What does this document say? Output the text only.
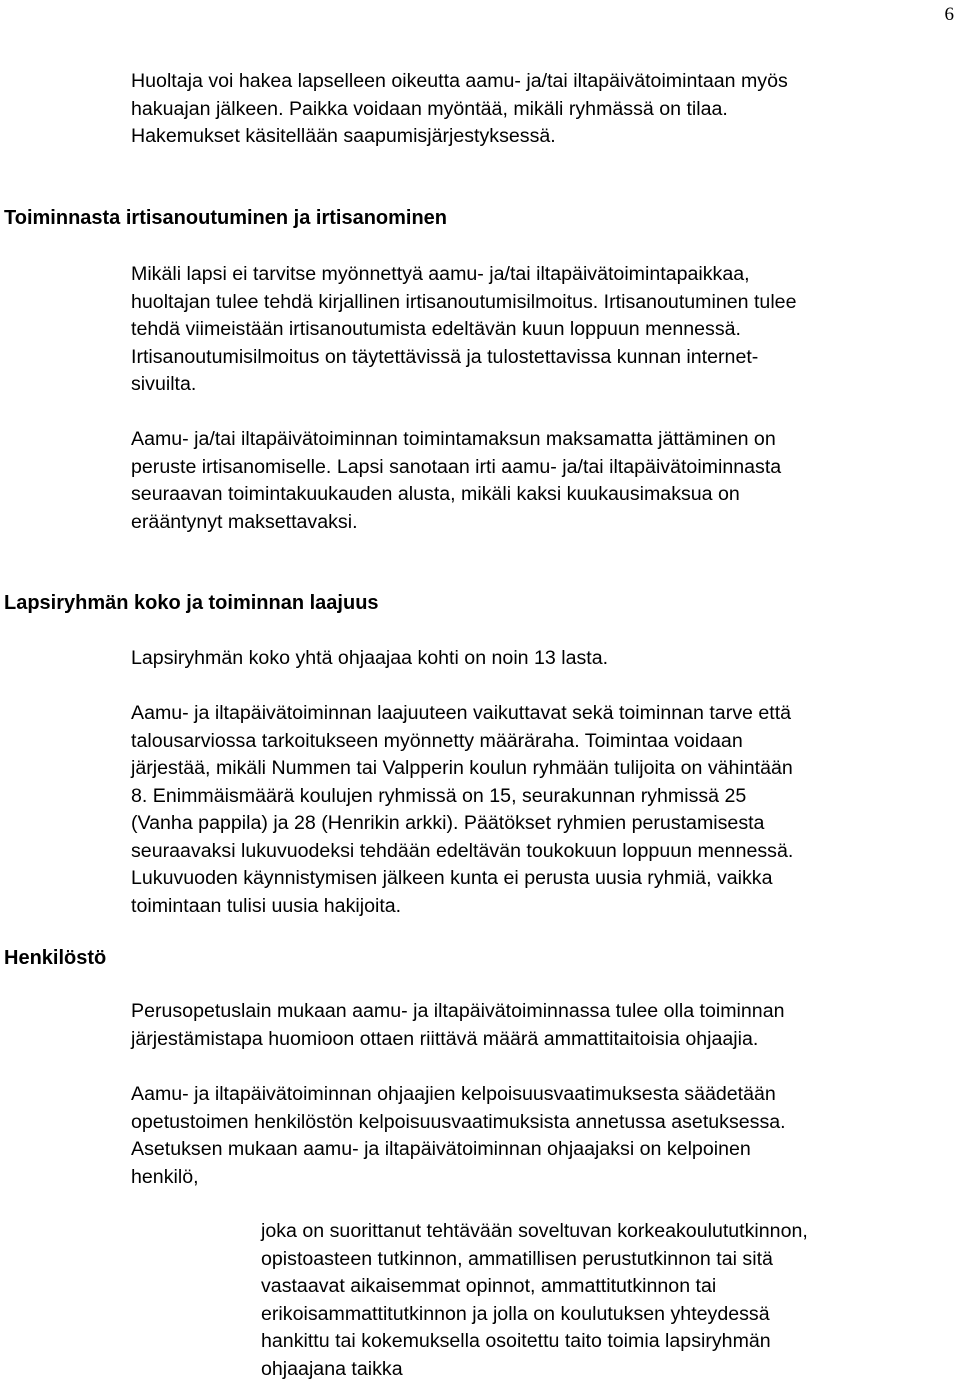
6
Huoltaja voi hakea lapselleen oikeutta aamu- ja/tai iltapäivätoimintaan myös
hakuajan jälkeen. Paikka voidaan myöntää, mikäli ryhmässä on tilaa.
Hakemukset käsitellään saapumisjärjestyksessä.
Toiminnasta irtisanoutuminen ja irtisanominen
Mikäli lapsi ei tarvitse myönnettyä aamu- ja/tai iltapäivätoimintapaikkaa,
huoltajan tulee tehdä kirjallinen irtisanoutumisilmoitus. Irtisanoutuminen tulee
tehdä viimeistään irtisanoutumista edeltävän kuun loppuun mennessä.
Irtisanoutumisilmoitus on täytettävissä ja tulostettavissa kunnan internet-
sivuilta.
Aamu- ja/tai iltapäivätoiminnan toimintamaksun maksamatta jättäminen on
peruste irtisanomiselle. Lapsi sanotaan irti aamu- ja/tai iltapäivätoiminnasta
seuraavan toimintakuukauden alusta, mikäli kaksi kuukausimaksua on
erääntynyt maksettavaksi.
Lapsiryhmän koko ja toiminnan laajuus
Lapsiryhmän koko yhtä ohjaajaa kohti on noin 13 lasta.
Aamu- ja iltapäivätoiminnan laajuuteen vaikuttavat sekä toiminnan tarve että
talousarviossa tarkoitukseen myönnetty määräraha. Toimintaa voidaan
järjestää, mikäli Nummen tai Valpperin koulun ryhmään tulijoita on vähintään
8. Enimmäismäärä koulujen ryhmissä on 15, seurakunnan ryhmissä 25
(Vanha pappila) ja 28 (Henrikin arkki). Päätökset ryhmien perustamisesta
seuraavaksi lukuvuodeksi tehdään edeltävän toukokuun loppuun mennessä.
Lukuvuoden käynnistymisen jälkeen kunta ei perusta uusia ryhmiä, vaikka
toimintaan tulisi uusia hakijoita.
Henkilöstö
Perusopetuslain mukaan aamu- ja iltapäivätoiminnassa tulee olla toiminnan
järjestämistapa huomioon ottaen riittävä määrä ammattitaitoisia ohjaajia.
Aamu- ja iltapäivätoiminnan ohjaajien kelpoisuusvaatimuksesta säädetään
opetustoimen henkilöstön kelpoisuusvaatimuksista annetussa asetuksessa.
Asetuksen mukaan aamu- ja iltapäivätoiminnan ohjaajaksi on kelpoinen
henkilö,
joka on suorittanut tehtävään soveltuvan korkeakoulututkinnon,
opistoasteen tutkinnon, ammatillisen perustutkinnon tai sitä
vastaavat aikaisemmat opinnot, ammattitutkinnon tai
erikoisammattitutkinnon ja jolla on koulutuksen yhteydessä
hankittu tai kokemuksella osoitettu taito toimia lapsiryhmän
ohjaajana taikka
